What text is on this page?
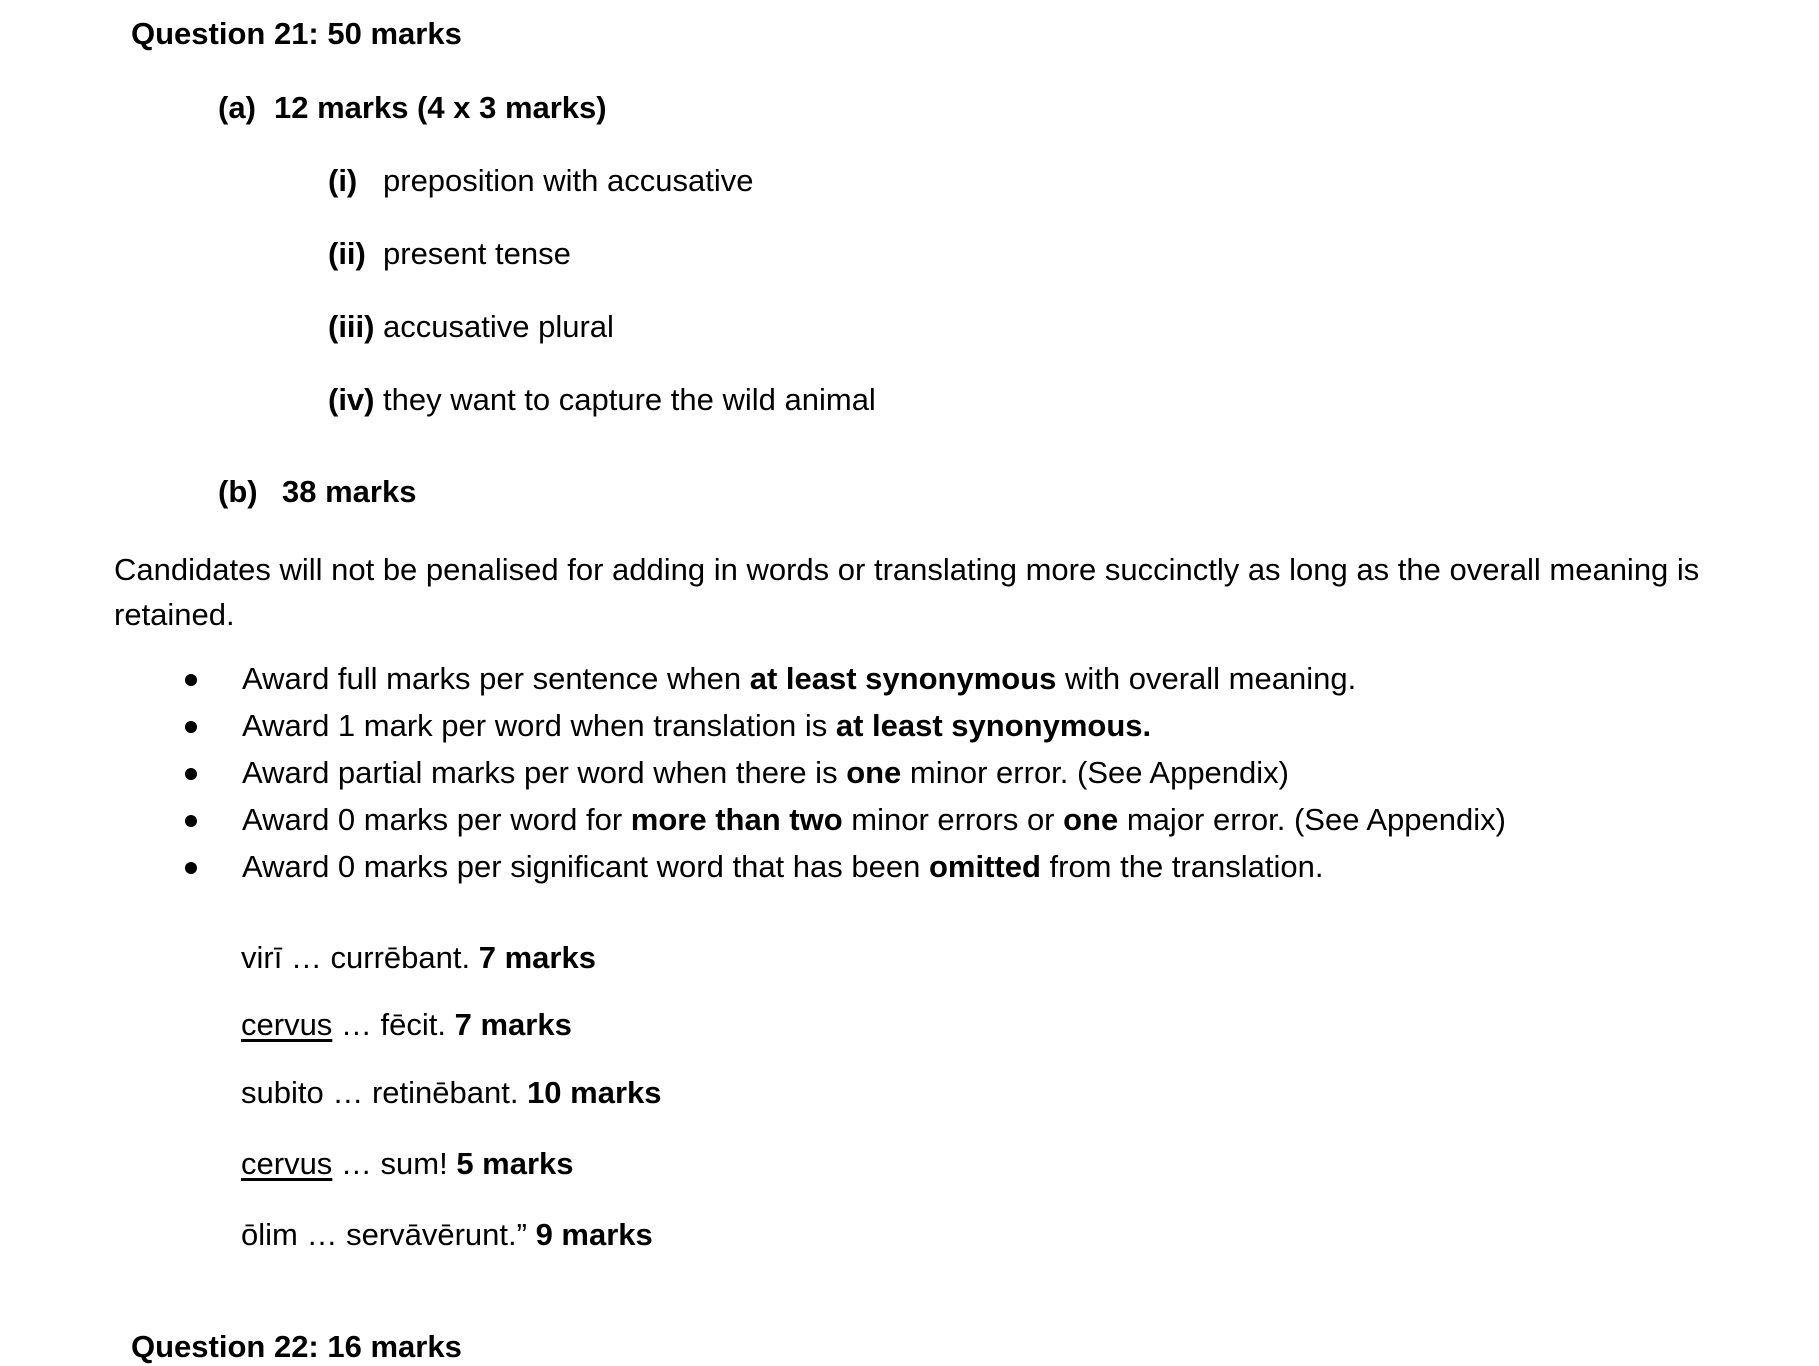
Question 21: 50 marks
(a) 12 marks (4 x 3 marks)
(i) preposition with accusative
(ii) present tense
(iii) accusative plural
(iv) they want to capture the wild animal
(b) 38 marks
Candidates will not be penalised for adding in words or translating more succinctly as long as the overall meaning is retained.
Award full marks per sentence when at least synonymous with overall meaning.
Award 1 mark per word when translation is at least synonymous.
Award partial marks per word when there is one minor error. (See Appendix)
Award 0 marks per word for more than two minor errors or one major error. (See Appendix)
Award 0 marks per significant word that has been omitted from the translation.
virī … currēbant. 7 marks
cervus … fēcit. 7 marks
subito … retinēbant. 10 marks
cervus … sum! 5 marks
ōlim … servāvērunt.” 9 marks
Question 22: 16 marks
